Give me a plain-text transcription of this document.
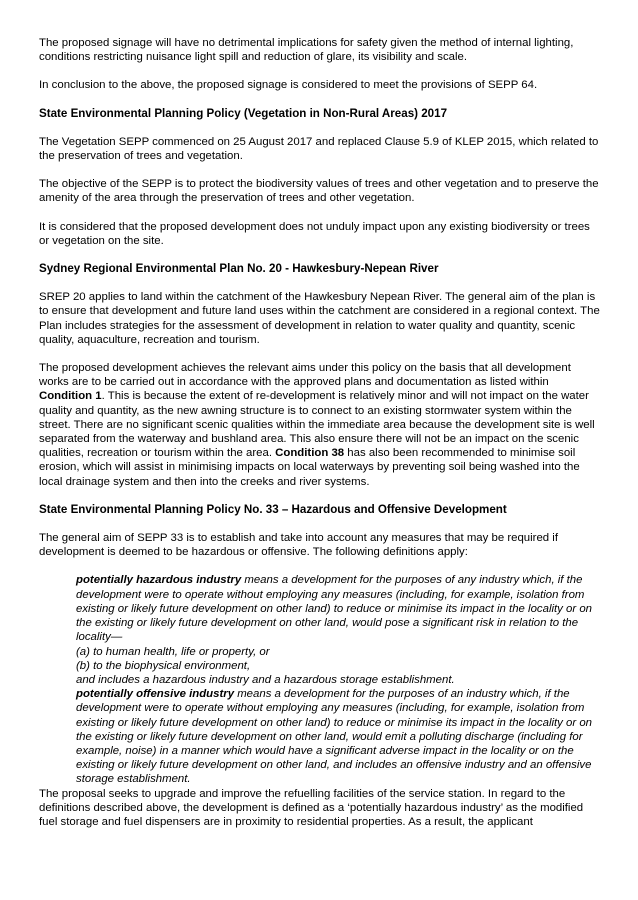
The proposed signage will have no detrimental implications for safety given the method of internal lighting, conditions restricting nuisance light spill and reduction of glare, its visibility and scale.

In conclusion to the above, the proposed signage is considered to meet the provisions of SEPP 64.

State Environmental Planning Policy (Vegetation in Non-Rural Areas) 2017

The Vegetation SEPP commenced on 25 August 2017 and replaced Clause 5.9 of KLEP 2015, which related to the preservation of trees and vegetation.

The objective of the SEPP is to protect the biodiversity values of trees and other vegetation and to preserve the amenity of the area through the preservation of trees and other vegetation.

It is considered that the proposed development does not unduly impact upon any existing biodiversity or trees or vegetation on the site.

Sydney Regional Environmental Plan No. 20 - Hawkesbury-Nepean River

SREP 20 applies to land within the catchment of the Hawkesbury Nepean River. The general aim of the plan is to ensure that development and future land uses within the catchment are considered in a regional context. The Plan includes strategies for the assessment of development in relation to water quality and quantity, scenic quality, aquaculture, recreation and tourism.

The proposed development achieves the relevant aims under this policy on the basis that all development works are to be carried out in accordance with the approved plans and documentation as listed within Condition 1. This is because the extent of re-development is relatively minor and will not impact on the water quality and quantity, as the new awning structure is to connect to an existing stormwater system within the street. There are no significant scenic qualities within the immediate area because the development site is well separated from the waterway and bushland area. This also ensure there will not be an impact on the scenic qualities, recreation or tourism within the area. Condition 38 has also been recommended to minimise soil erosion, which will assist in minimising impacts on local waterways by preventing soil being washed into the local drainage system and then into the creeks and river systems.

State Environmental Planning Policy No. 33 – Hazardous and Offensive Development

The general aim of SEPP 33 is to establish and take into account any measures that may be required if development is deemed to be hazardous or offensive. The following definitions apply:

potentially hazardous industry means a development for the purposes of any industry which, if the development were to operate without employing any measures (including, for example, isolation from existing or likely future development on other land) to reduce or minimise its impact in the locality or on the existing or likely future development on other land, would pose a significant risk in relation to the locality—

(a) to human health, life or property, or

(b) to the biophysical environment,

and includes a hazardous industry and a hazardous storage establishment.

potentially offensive industry means a development for the purposes of an industry which, if the development were to operate without employing any measures (including, for example, isolation from existing or likely future development on other land) to reduce or minimise its impact in the locality or on the existing or likely future development on other land, would emit a polluting discharge (including for example, noise) in a manner which would have a significant adverse impact in the locality or on the existing or likely future development on other land, and includes an offensive industry and an offensive storage establishment.

The proposal seeks to upgrade and improve the refuelling facilities of the service station. In regard to the definitions described above, the development is defined as a ‘potentially hazardous industry’ as the modified fuel storage and fuel dispensers are in proximity to residential properties. As a result, the applicant
